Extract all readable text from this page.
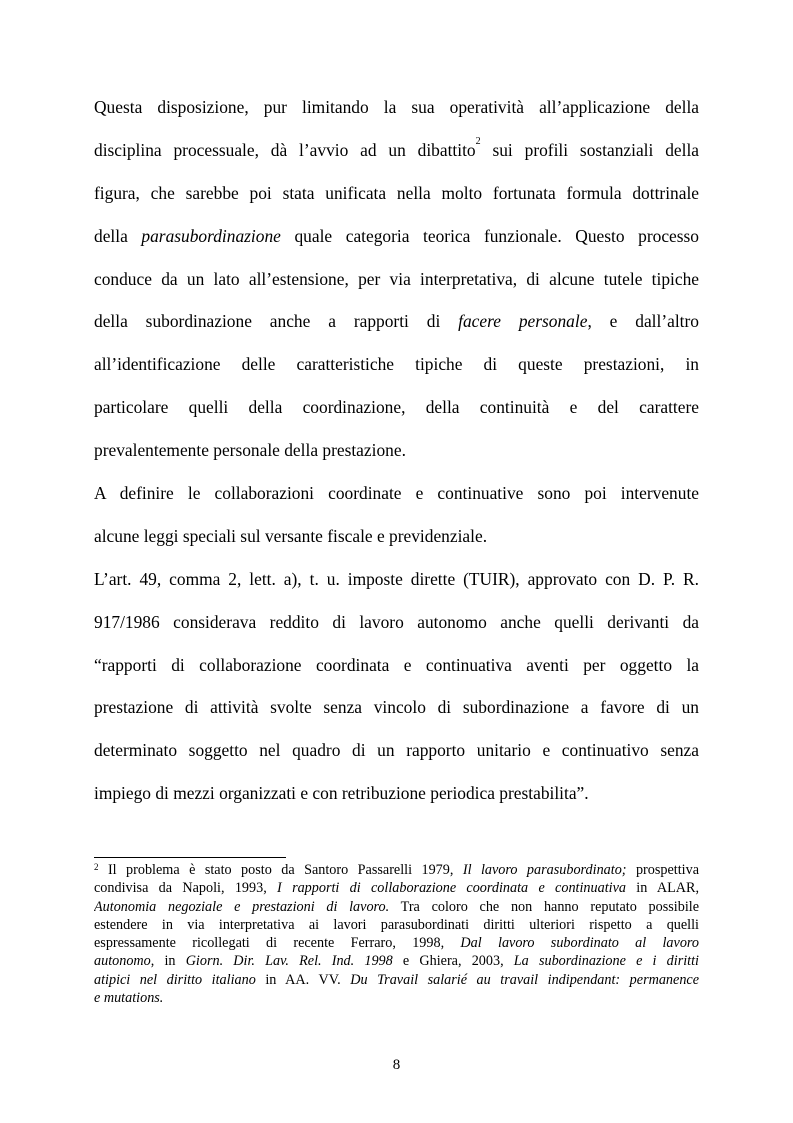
Questa disposizione, pur limitando la sua operatività all’applicazione della
disciplina processuale, dà l’avvio ad un dibattito$^2$ sui profili sostanziali della
figura, che sarebbe poi stata unificata nella molto fortunata formula dottrinale
della parasubordinazione quale categoria teorica funzionale. Questo processo
conduce da un lato all’estensione, per via interpretativa, di alcune tutele tipiche
della subordinazione anche a rapporti di facere personale, e dall’altro
all’identificazione delle caratteristiche tipiche di queste prestazioni, in
particolare quelli della coordinazione, della continuità e del carattere
prevalentemente personale della prestazione.
A definire le collaborazioni coordinate e continuative sono poi intervenute
alcune leggi speciali sul versante fiscale e previdenziale.
L’art. 49, comma 2, lett. a), t. u. imposte dirette (TUIR), approvato con D. P. R.
917/1986 considerava reddito di lavoro autonomo anche quelli derivanti da
“rapporti di collaborazione coordinata e continuativa aventi per oggetto la
prestazione di attività svolte senza vincolo di subordinazione a favore di un
determinato soggetto nel quadro di un rapporto unitario e continuativo senza
impiego di mezzi organizzati e con retribuzione periodica prestabilita”.
$^2$ Il problema è stato posto da Santoro Passarelli 1979, Il lavoro parasubordinato; prospettiva
condivisa da Napoli, 1993, I rapporti di collaborazione coordinata e continuativa in ALAR,
Autonomia negoziale e prestazioni di lavoro. Tra coloro che non hanno reputato possibile
estendere in via interpretativa ai lavori parasubordinati diritti ulteriori rispetto a quelli
espressamente ricollegati di recente Ferraro, 1998, Dal lavoro subordinato al lavoro
autonomo, in Giorn. Dir. Lav. Rel. Ind. 1998 e Ghiera, 2003, La subordinazione e i diritti
atipici nel diritto italiano in AA. VV. Du Travail salarié au travail indipendant: permanence
e mutations.
8
